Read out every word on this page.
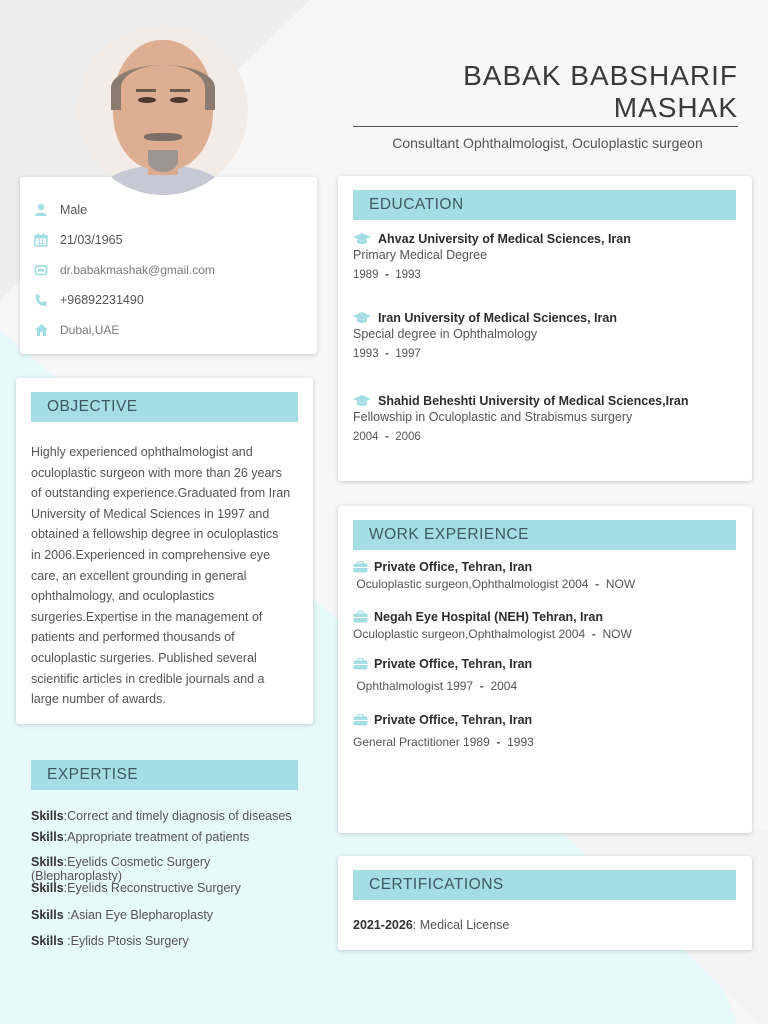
BABAK BABSHARIF MASHAK
Consultant Ophthalmologist, Oculoplastic surgeon
Male
21/03/1965
dr.babakmashak@gmail.com
+96892231490
Dubai,UAE
OBJECTIVE
Highly experienced ophthalmologist and
oculoplastic surgeon with more than 26 years
of outstanding experience.Graduated from Iran
University of Medical Sciences in 1997 and
obtained a fellowship degree in oculoplastics
in 2006.Experienced in comprehensive eye
care, an excellent grounding in general
ophthalmology, and oculoplastics
surgeries.Expertise in the management of
patients and performed thousands of
oculoplastic surgeries. Published several
scientific articles in credible journals and a
large number of awards.
EXPERTISE
Skills:Correct and timely diagnosis of diseases
Skills:Appropriate treatment of patients
Skills:Eyelids Cosmetic Surgery (Blepharoplasty)
Skills:Eyelids Reconstructive Surgery
Skills :Asian Eye Blepharoplasty
Skills :Eylids Ptosis Surgery
EDUCATION
Ahvaz University of Medical Sciences, Iran
Primary Medical Degree
1989 - 1993
Iran University of Medical Sciences, Iran
Special degree in Ophthalmology
1993 - 1997
Shahid Beheshti University of Medical Sciences,Iran
Fellowship in Oculoplastic and Strabismus surgery
2004 - 2006
WORK EXPERIENCE
Private Office, Tehran, Iran
Oculoplastic surgeon,Ophthalmologist 2004 - NOW
Negah Eye Hospital (NEH) Tehran, Iran
Oculoplastic surgeon,Ophthalmologist 2004 - NOW
Private Office, Tehran, Iran
Ophthalmologist 1997 - 2004
Private Office, Tehran, Iran
General Practitioner 1989 - 1993
CERTIFICATIONS
2021-2026: Medical License
